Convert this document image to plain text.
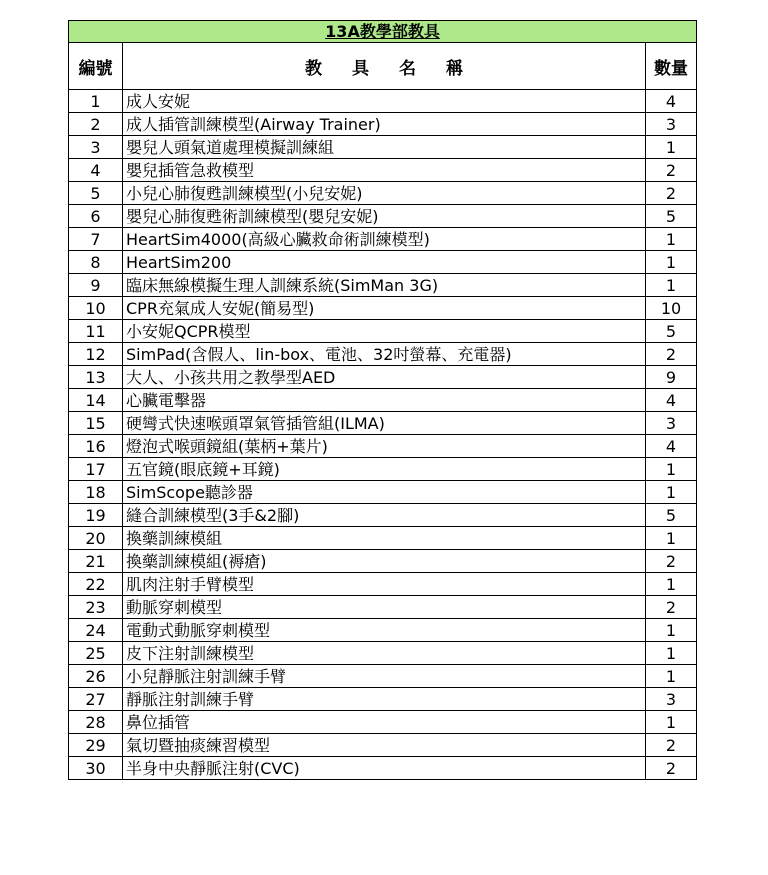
13A教學部教具		
編號	教具名稱	數量
1	成人安妮	4
2	成人插管訓練模型(Airway Trainer)	3
3	嬰兒人頭氣道處理模擬訓練組	1
4	嬰兒插管急救模型	2
5	小兒心肺復甦訓練模型(小兒安妮)	2
6	嬰兒心肺復甦術訓練模型(嬰兒安妮)	5
7	HeartSim4000(高級心臟救命術訓練模型)	1
8	HeartSim200	1
9	臨床無線模擬生理人訓練系統(SimMan 3G)	1
10	CPR充氣成人安妮(簡易型)	10
11	小安妮QCPR模型	5
12	SimPad(含假人、lin-box、電池、32吋螢幕、充電器)	2
13	大人、小孩共用之教學型AED	9
14	心臟電擊器	4
15	硬彎式快速喉頭罩氣管插管組(ILMA)	3
16	燈泡式喉頭鏡組(葉柄+葉片)	4
17	五官鏡(眼底鏡+耳鏡)	1
18	SimScope聽診器	1
19	縫合訓練模型(3手&2腳)	5
20	換藥訓練模組	1
21	換藥訓練模組(褥瘡)	2
22	肌肉注射手臂模型	1
23	動脈穿刺模型	2
24	電動式動脈穿刺模型	1
25	皮下注射訓練模型	1
26	小兒靜脈注射訓練手臂	1
27	靜脈注射訓練手臂	3
28	鼻位插管	1
29	氣切暨抽痰練習模型	2
30	半身中央靜脈注射(CVC)	2
